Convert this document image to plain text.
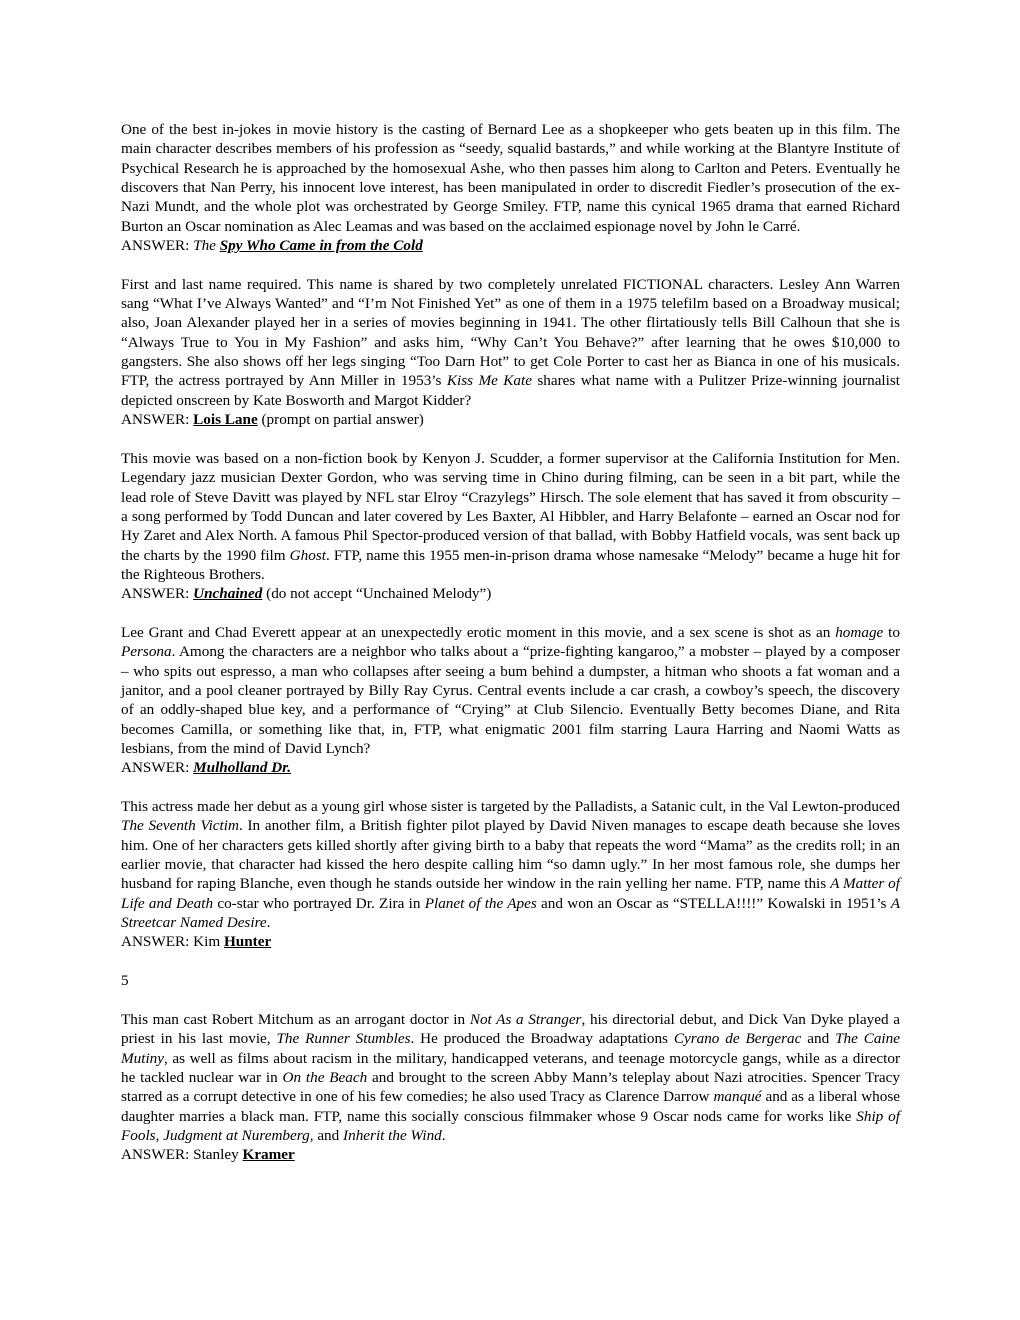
One of the best in-jokes in movie history is the casting of Bernard Lee as a shopkeeper who gets beaten up in this film. The main character describes members of his profession as “seedy, squalid bastards,” and while working at the Blantyre Institute of Psychical Research he is approached by the homosexual Ashe, who then passes him along to Carlton and Peters. Eventually he discovers that Nan Perry, his innocent love interest, has been manipulated in order to discredit Fiedler’s prosecution of the ex-Nazi Mundt, and the whole plot was orchestrated by George Smiley. FTP, name this cynical 1965 drama that earned Richard Burton an Oscar nomination as Alec Leamas and was based on the acclaimed espionage novel by John le Carré.

ANSWER: The Spy Who Came in from the Cold

First and last name required. This name is shared by two completely unrelated FICTIONAL characters. Lesley Ann Warren sang “What I’ve Always Wanted” and “I’m Not Finished Yet” as one of them in a 1975 telefilm based on a Broadway musical; also, Joan Alexander played her in a series of movies beginning in 1941. The other flirtatiously tells Bill Calhoun that she is “Always True to You in My Fashion” and asks him, “Why Can’t You Behave?” after learning that he owes $10,000 to gangsters. She also shows off her legs singing “Too Darn Hot” to get Cole Porter to cast her as Bianca in one of his musicals. FTP, the actress portrayed by Ann Miller in 1953’s Kiss Me Kate shares what name with a Pulitzer Prize-winning journalist depicted onscreen by Kate Bosworth and Margot Kidder?

ANSWER: Lois Lane (prompt on partial answer)

This movie was based on a non-fiction book by Kenyon J. Scudder, a former supervisor at the California Institution for Men. Legendary jazz musician Dexter Gordon, who was serving time in Chino during filming, can be seen in a bit part, while the lead role of Steve Davitt was played by NFL star Elroy “Crazylegs” Hirsch. The sole element that has saved it from obscurity – a song performed by Todd Duncan and later covered by Les Baxter, Al Hibbler, and Harry Belafonte – earned an Oscar nod for Hy Zaret and Alex North. A famous Phil Spector-produced version of that ballad, with Bobby Hatfield vocals, was sent back up the charts by the 1990 film Ghost. FTP, name this 1955 men-in-prison drama whose namesake “Melody” became a huge hit for the Righteous Brothers.

ANSWER: Unchained (do not accept “Unchained Melody”)

Lee Grant and Chad Everett appear at an unexpectedly erotic moment in this movie, and a sex scene is shot as an homage to Persona. Among the characters are a neighbor who talks about a “prize-fighting kangaroo,” a mobster – played by a composer – who spits out espresso, a man who collapses after seeing a bum behind a dumpster, a hitman who shoots a fat woman and a janitor, and a pool cleaner portrayed by Billy Ray Cyrus. Central events include a car crash, a cowboy’s speech, the discovery of an oddly-shaped blue key, and a performance of “Crying” at Club Silencio. Eventually Betty becomes Diane, and Rita becomes Camilla, or something like that, in, FTP, what enigmatic 2001 film starring Laura Harring and Naomi Watts as lesbians, from the mind of David Lynch?

ANSWER: Mulholland Dr.

This actress made her debut as a young girl whose sister is targeted by the Palladists, a Satanic cult, in the Val Lewton-produced The Seventh Victim. In another film, a British fighter pilot played by David Niven manages to escape death because she loves him. One of her characters gets killed shortly after giving birth to a baby that repeats the word “Mama” as the credits roll; in an earlier movie, that character had kissed the hero despite calling him “so damn ugly.” In her most famous role, she dumps her husband for raping Blanche, even though he stands outside her window in the rain yelling her name. FTP, name this A Matter of Life and Death co-star who portrayed Dr. Zira in Planet of the Apes and won an Oscar as “STELLA!!!!” Kowalski in 1951’s A Streetcar Named Desire.

ANSWER: Kim Hunter

5

This man cast Robert Mitchum as an arrogant doctor in Not As a Stranger, his directorial debut, and Dick Van Dyke played a priest in his last movie, The Runner Stumbles. He produced the Broadway adaptations Cyrano de Bergerac and The Caine Mutiny, as well as films about racism in the military, handicapped veterans, and teenage motorcycle gangs, while as a director he tackled nuclear war in On the Beach and brought to the screen Abby Mann’s teleplay about Nazi atrocities. Spencer Tracy starred as a corrupt detective in one of his few comedies; he also used Tracy as Clarence Darrow manqué and as a liberal whose daughter marries a black man. FTP, name this socially conscious filmmaker whose 9 Oscar nods came for works like Ship of Fools, Judgment at Nuremberg, and Inherit the Wind.

ANSWER: Stanley Kramer
